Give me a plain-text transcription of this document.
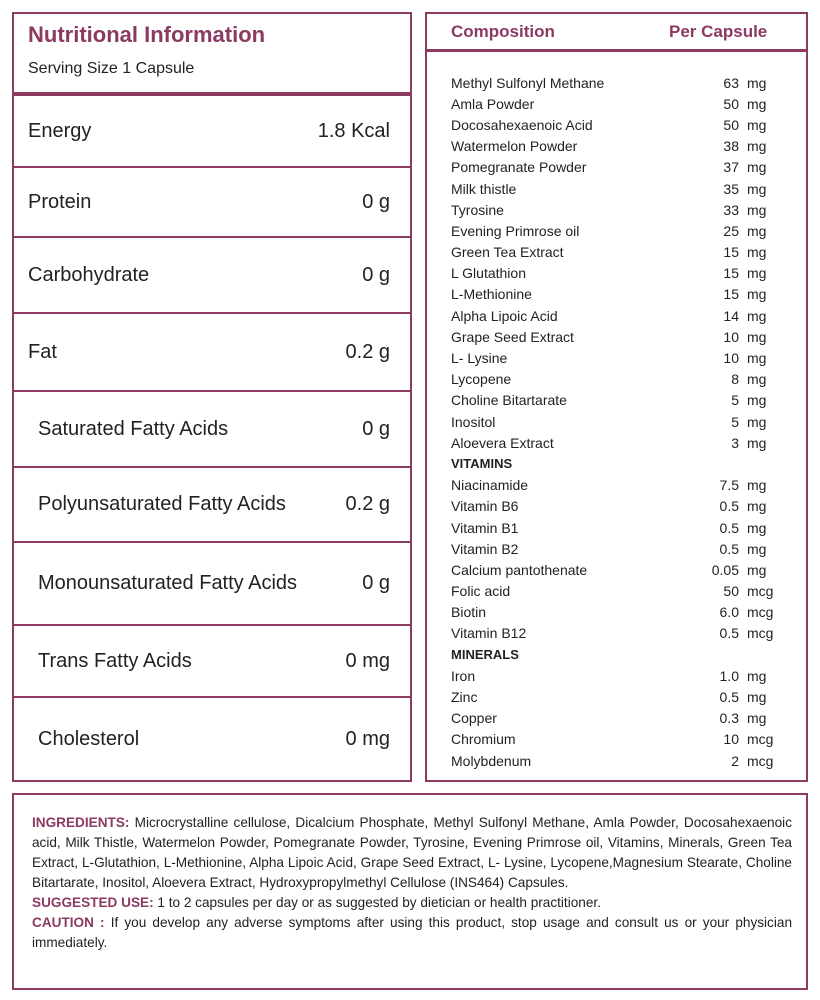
Nutritional Information
Serving Size 1 Capsule
Energy	1.8 Kcal
Protein	0 g
Carbohydrate	0 g
Fat	0.2 g
Saturated Fatty Acids	0 g
Polyunsaturated Fatty Acids	0.2 g
Monounsaturated Fatty Acids	0 g
Trans Fatty Acids	0 mg
Cholesterol	0 mg
Composition	Per Capsule
Methyl Sulfonyl Methane	63 mg
Amla Powder	50 mg
Docosahexaenoic Acid	50 mg
Watermelon Powder	38 mg
Pomegranate Powder	37 mg
Milk thistle	35 mg
Tyrosine	33 mg
Evening Primrose oil	25 mg
Green Tea Extract	15 mg
L Glutathion	15 mg
L-Methionine	15 mg
Alpha Lipoic Acid	14 mg
Grape Seed Extract	10 mg
L- Lysine	10 mg
Lycopene	8 mg
Choline Bitartarate	5 mg
Inositol	5 mg
Aloevera Extract	3 mg
VITAMINS
Niacinamide	7.5 mg
Vitamin B6	0.5 mg
Vitamin B1	0.5 mg
Vitamin B2	0.5 mg
Calcium pantothenate	0.05 mg
Folic acid	50 mcg
Biotin	6.0 mcg
Vitamin B12	0.5 mcg
MINERALS
Iron	1.0 mg
Zinc	0.5 mg
Copper	0.3 mg
Chromium	10 mcg
Molybdenum	2 mcg

INGREDIENTS: Microcrystalline cellulose, Dicalcium Phosphate, Methyl Sulfonyl Methane, Amla Powder, Docosahexaenoic acid, Milk Thistle, Watermelon Powder, Pomegranate Powder, Tyrosine, Evening Primrose oil, Vitamins, Minerals, Green Tea Extract, L-Glutathion, L-Methionine, Alpha Lipoic Acid, Grape Seed Extract, L- Lysine, Lycopene,Magnesium Stearate, Choline Bitartarate, Inositol, Aloevera Extract, Hydroxypropylmethyl Cellulose (INS464) Capsules.

SUGGESTED USE: 1 to 2 capsules per day or as suggested by dietician or health practitioner.

CAUTION : If you develop any adverse symptoms after using this product, stop usage and consult us or your physician immediately.
